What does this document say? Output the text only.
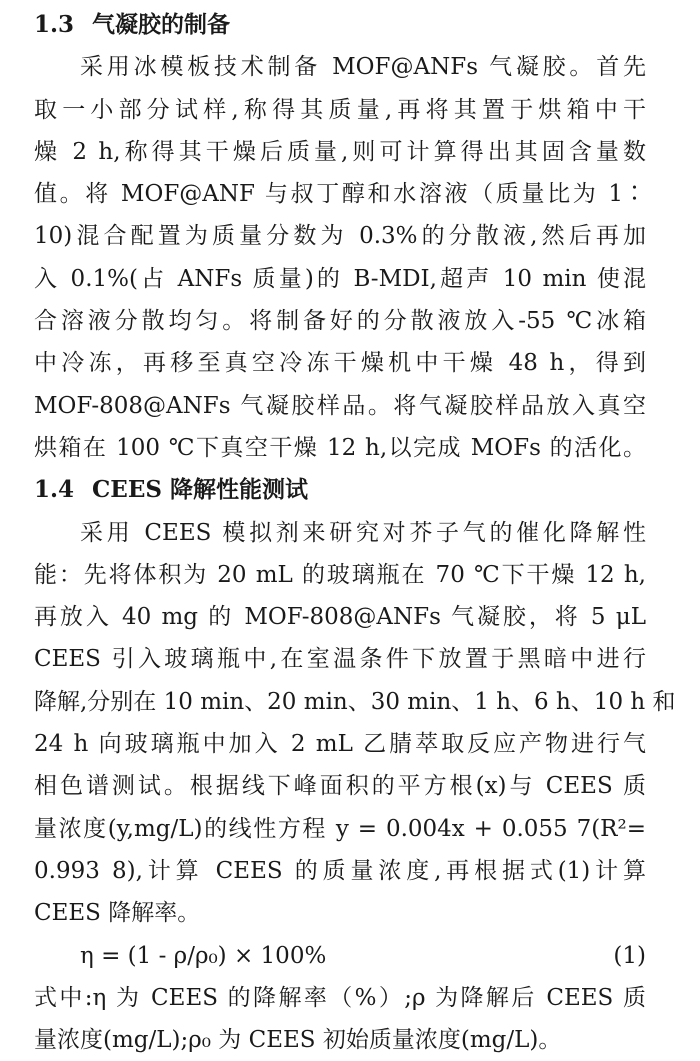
1.3 气凝胶的制备
采用冰模板技术制备 MOF@ANFs 气凝胶。首先
取一小部分试样,称得其质量,再将其置于烘箱中干
燥 2 h,称得其干燥后质量,则可计算得出其固含量数
值。将 MOF@ANF 与叔丁醇和水溶液（质量比为 1∶
10)混合配置为质量分数为 0.3%的分散液,然后再加
入 0.1%(占 ANFs 质量)的 B-MDI,超声 10 min 使混
合溶液分散均匀。将制备好的分散液放入-55 ℃冰箱
中冷冻，再移至真空冷冻干燥机中干燥 48 h，得到
MOF-808@ANFs 气凝胶样品。将气凝胶样品放入真空
烘箱在 100 ℃下真空干燥 12 h,以完成 MOFs 的活化。
1.4 CEES 降解性能测试
采用 CEES 模拟剂来研究对芥子气的催化降解性
能：先将体积为 20 mL 的玻璃瓶在 70 ℃下干燥 12 h,
再放入 40 mg 的 MOF-808@ANFs 气凝胶，将 5 μL
CEES 引入玻璃瓶中,在室温条件下放置于黑暗中进行
降解,分别在 10 min、20 min、30 min、1 h、6 h、10 h 和
24 h 向玻璃瓶中加入 2 mL 乙腈萃取反应产物进行气
相色谱测试。根据线下峰面积的平方根(x)与 CEES 质
量浓度(y,mg/L)的线性方程 y = 0.004x + 0.055 7(R²=
0.993 8),计算 CEES 的质量浓度,再根据式(1)计算
CEES 降解率。
η = (1 - ρ/ρ₀) × 100%	(1)
式中:η 为 CEES 的降解率（%）;ρ 为降解后 CEES 质
量浓度(mg/L);ρ₀ 为 CEES 初始质量浓度(mg/L)。
